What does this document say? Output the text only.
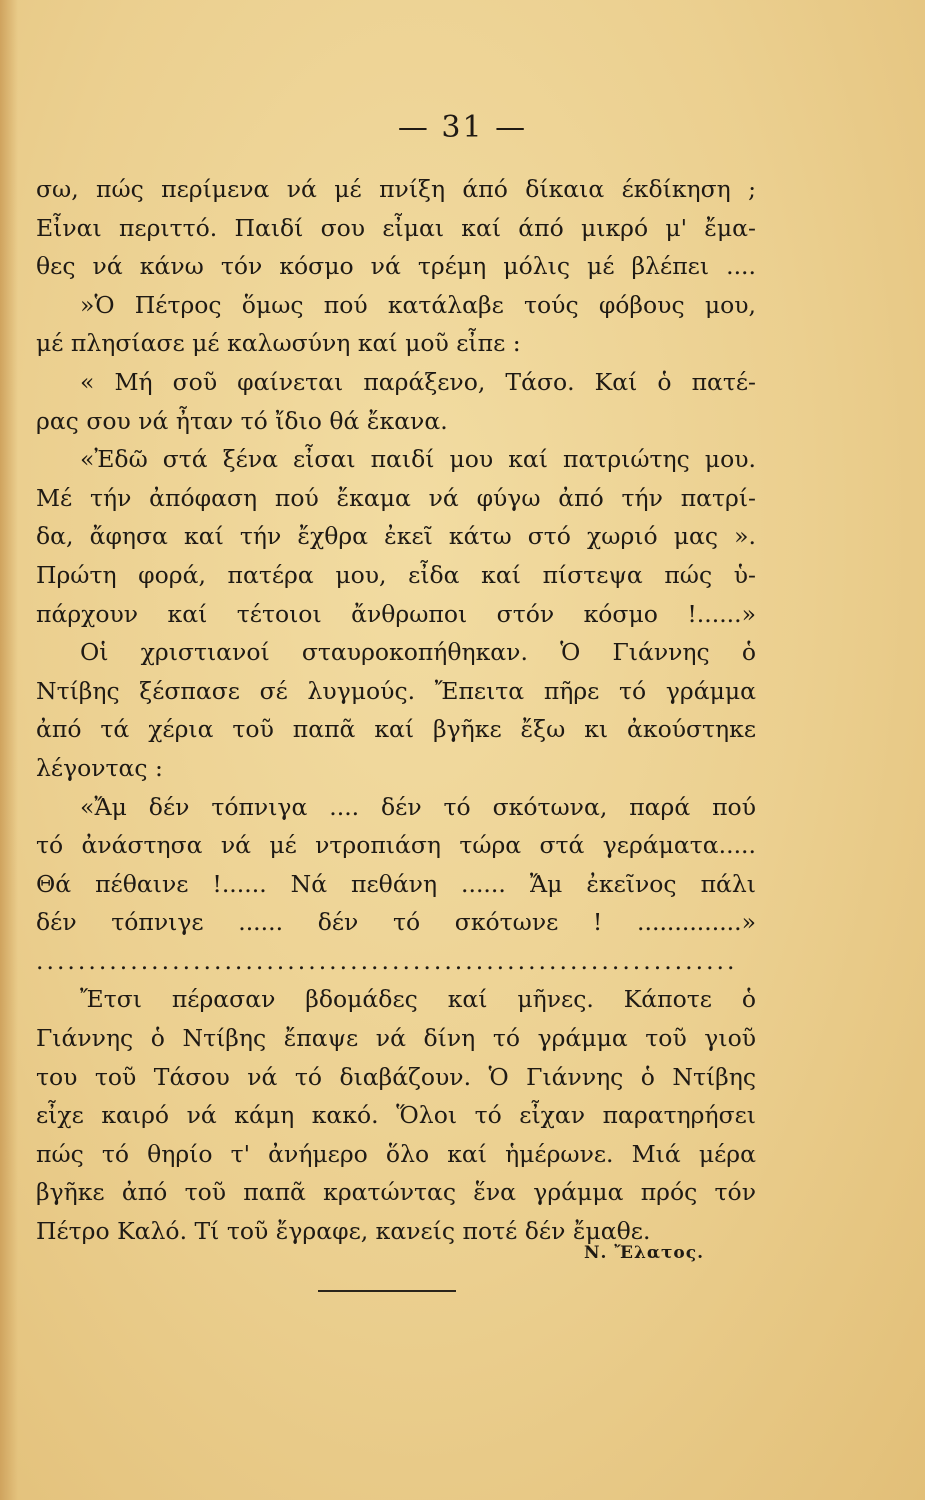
— 31 —
σω, πώς περίμενα νά μέ πνίξη άπό δίκαια έκδίκηση ;
Εἶναι περιττό. Παιδί σου εἶμαι καί άπό μικρό μ' ἔμα-
θες νά κάνω τόν κόσμο νά τρέμη μόλις μέ βλέπει ....
»Ὁ Πέτρος ὅμως πού κατάλαβε τούς φόβους μου,
μέ πλησίασε μέ καλωσύνη καί μοῦ εἶπε :
« Μή σοῦ φαίνεται παράξενο, Τάσο. Καί ὁ πατέ-
ρας σου νά ἦταν τό ἴδιο θά ἔκανα.
«Ἐδῶ στά ξένα εἶσαι παιδί μου καί πατριώτης μου.
Μέ τήν ἀπόφαση πού ἔκαμα νά φύγω ἀπό τήν πατρί-
δα, ἄφησα καί τήν ἔχθρα ἐκεῖ κάτω στό χωριό μας ».
Πρώτη φορά, πατέρα μου, εἶδα καί πίστεψα πώς ὑ-
πάρχουν καί τέτοιοι ἄνθρωποι στόν κόσμο !......»
Οἱ χριστιανοί σταυροκοπήθηκαν. Ὁ Γιάννης ὁ
Ντίβης ξέσπασε σέ λυγμούς. Ἔπειτα πῆρε τό γράμμα
ἀπό τά χέρια τοῦ παπᾶ καί βγῆκε ἔξω κι ἀκούστηκε
λέγοντας :
«Ἄμ δέν τόπνιγα .... δέν τό σκότωνα, παρά πού
τό ἀνάστησα νά μέ ντροπιάση τώρα στά γεράματα.....
Θά πέθαινε !...... Νά πεθάνη ...... Ἄμ ἐκεῖνος πάλι
δέν τόπνιγε ...... δέν τό σκότωνε ! ..............»
...................................................................
Ἔτσι πέρασαν βδομάδες καί μῆνες. Κάποτε ὁ
Γιάννης ὁ Ντίβης ἔπαψε νά δίνη τό γράμμα τοῦ γιοῦ
του τοῦ Τάσου νά τό διαβάζουν. Ὁ Γιάννης ὁ Ντίβης
εἶχε καιρό νά κάμη κακό. Ὅλοι τό εἶχαν παρατηρήσει
πώς τό θηρίο τ' ἀνήμερο ὅλο καί ἡμέρωνε. Μιά μέρα
βγῆκε ἀπό τοῦ παπᾶ κρατώντας ἕνα γράμμα πρός τόν
Πέτρο Καλό. Τί τοῦ ἔγραφε, κανείς ποτέ δέν ἔμαθε.
Ν. Ἔλατος.
